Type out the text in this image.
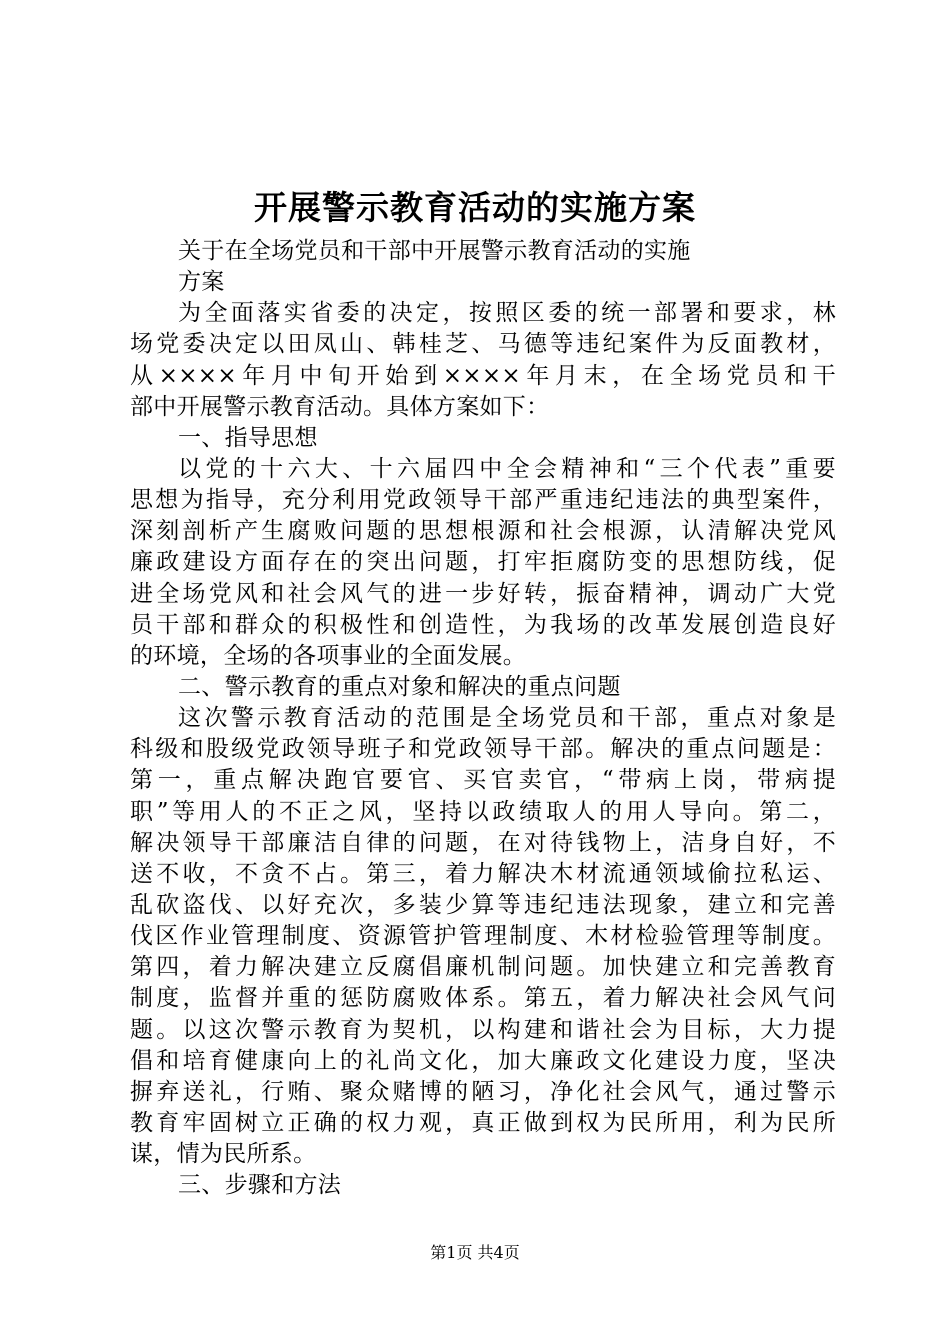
开展警示教育活动的实施方案
关于在全场党员和干部中开展警示教育活动的实施
方案
为全面落实省委的决定，按照区委的统一部署和要求，林
场党委决定以田凤山、韩桂芝、马德等违纪案件为反面教材，
从××××年月中旬开始到××××年月末，在全场党员和干
部中开展警示教育活动。具体方案如下：
一、指导思想
以党的十六大、十六届四中全会精神和“三个代表”重要
思想为指导，充分利用党政领导干部严重违纪违法的典型案件，
深刻剖析产生腐败问题的思想根源和社会根源，认清解决党风
廉政建设方面存在的突出问题，打牢拒腐防变的思想防线，促
进全场党风和社会风气的进一步好转，振奋精神，调动广大党
员干部和群众的积极性和创造性，为我场的改革发展创造良好
的环境，全场的各项事业的全面发展。
二、警示教育的重点对象和解决的重点问题
这次警示教育活动的范围是全场党员和干部，重点对象是
科级和股级党政领导班子和党政领导干部。解决的重点问题是：
第一，重点解决跑官要官、买官卖官，“带病上岗，带病提
职”等用人的不正之风，坚持以政绩取人的用人导向。第二，
解决领导干部廉洁自律的问题，在对待钱物上，洁身自好，不
送不收，不贪不占。第三，着力解决木材流通领域偷拉私运、
乱砍盗伐、以好充次，多装少算等违纪违法现象，建立和完善
伐区作业管理制度、资源管护管理制度、木材检验管理等制度。
第四，着力解决建立反腐倡廉机制问题。加快建立和完善教育
制度，监督并重的惩防腐败体系。第五，着力解决社会风气问
题。以这次警示教育为契机，以构建和谐社会为目标，大力提
倡和培育健康向上的礼尚文化，加大廉政文化建设力度，坚决
摒弃送礼，行贿、聚众赌博的陋习，净化社会风气，通过警示
教育牢固树立正确的权力观，真正做到权为民所用，利为民所
谋，情为民所系。
三、步骤和方法
第1页 共4页
